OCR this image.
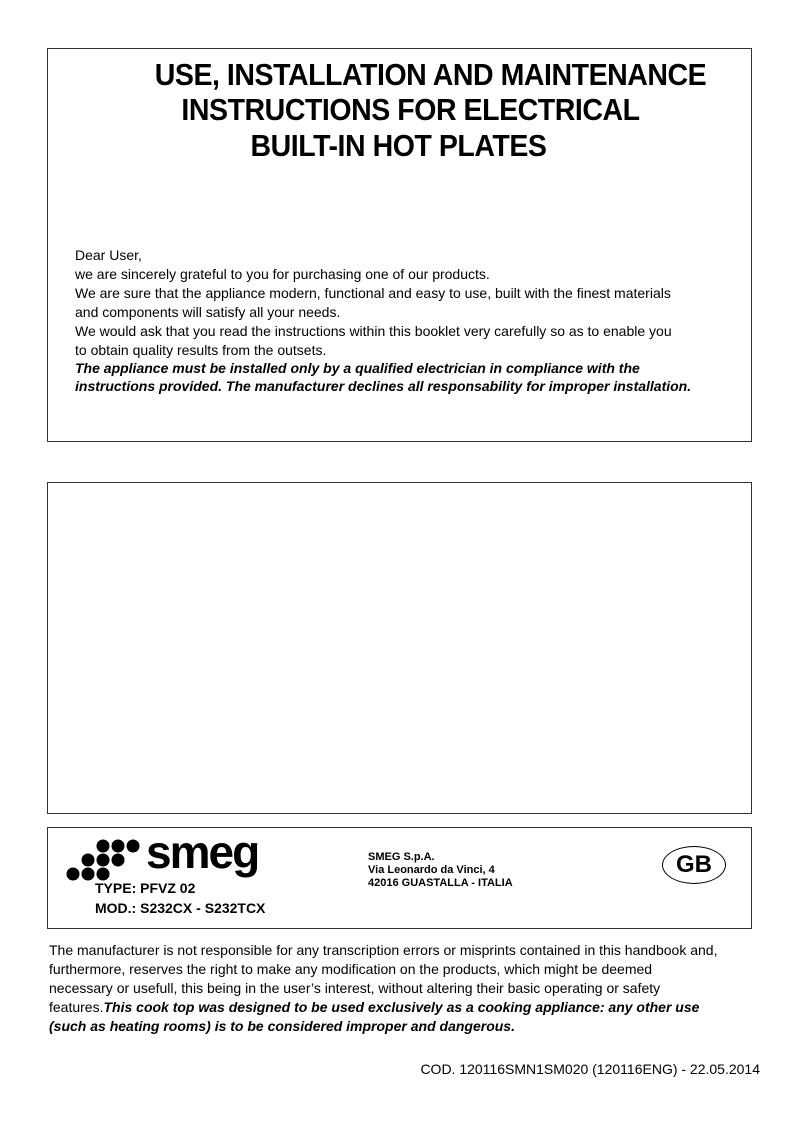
USE, INSTALLATION AND MAINTENANCE
INSTRUCTIONS FOR ELECTRICAL
BUILT-IN HOT PLATES
Dear User,
we are sincerely grateful to you for purchasing one of our products.
We are sure that the appliance modern, functional and easy to use, built with the finest materials
and components will satisfy all your needs.
We would ask that you read the instructions within this booklet very carefully so as to enable you
to obtain quality results from the outsets.
The appliance must be installed only by a qualified electrician in compliance with the
instructions provided. The manufacturer declines all responsability for improper installation.
smeg
TYPE: PFVZ 02
MOD.: S232CX - S232TCX
SMEG S.p.A.
Via Leonardo da Vinci, 4
42016 GUASTALLA - ITALIA
GB
The manufacturer is not responsible for any transcription errors or misprints contained in this handbook and,
furthermore, reserves the right to make any modification on the products, which might be deemed
necessary or usefull, this being in the user’s interest, without altering their basic operating or safety
features.This cook top was designed to be used exclusively as a cooking appliance: any other use
(such as heating rooms) is to be considered improper and dangerous.
COD. 120116SMN1SM020 (120116ENG) - 22.05.2014
